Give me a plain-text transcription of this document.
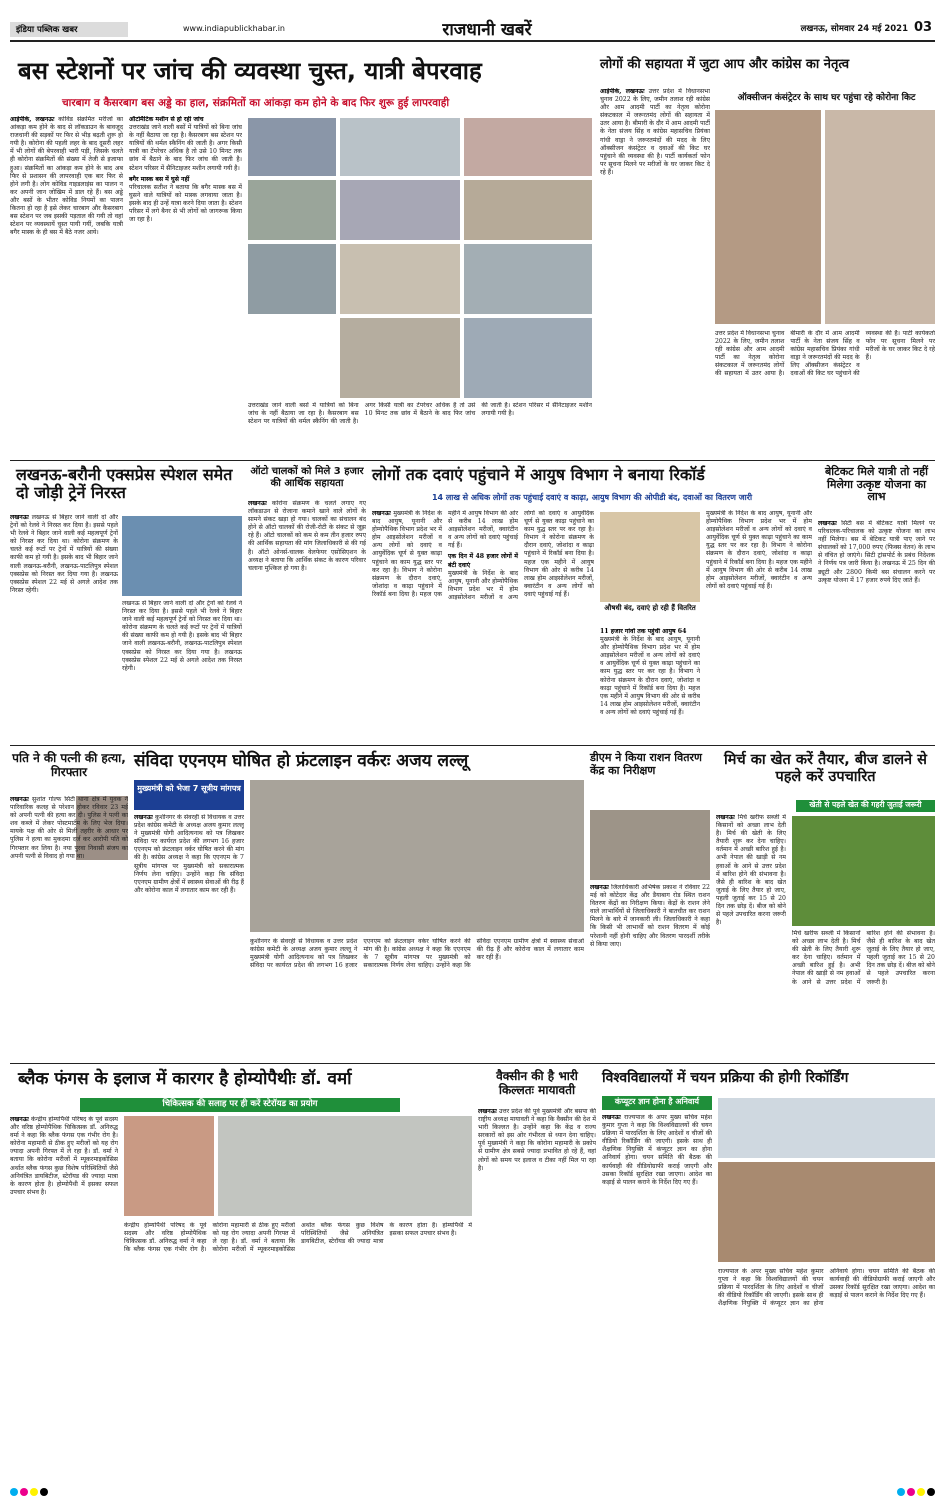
इंडिया पब्लिक खबर	www.indiapublickhabar.in	राजधानी खबरें	लखनऊ, सोमवार 24 मई 2021 03
बस स्टेशनों पर जांच की व्यवस्था चुस्त, यात्री बेपरवाह
चारबाग व कैसरबाग बस अड्डे का हाल, संक्रमितों का आंकड़ा कम होने के बाद फिर शुरू हुई लापरवाही
आईपीके, लखनऊः कोविड संक्रमित मरीजों का आंकड़ा कम होने के बाद से लॉकडाउन के बावजूद राजधानी की सड़कों पर फिर से भीड़ बढ़ती शुरू हो गयी है। कोरोना की पहली लहर के बाद दूसरी लहर में भी लोगों की बेपरवाही भारी पड़ी, जिसके चलते ही कोरोना संक्रमितों की संख्या में तेजी से इजाफा हुआ। संक्रमितों का आंकड़ा कम होने के बाद अब फिर से प्रशासन की लापरवाही एक बार फिर से होने लगी है। लोग कोविड गाइडलाइंस का पालन न कर अपनी जान जोखिम में डाल रहे हैं। बस अड्डे और बसों के भीतर कोविड नियमों का पालन कितना हो रहा है इसे लेकर चारबाग और कैसरबाग बस स्टेशन पर जब इसकी पड़ताल की गयी तो वहां स्टेशन पर व्यवस्थायें चुस्त पायी गयीं, जबकि यात्री बगैर मास्क के ही बस में बैठे नजर आये।
ऑटोमैटिक मशीन से हो रही जांच
उत्तराखंड जाने वाली बसों में यात्रियों को बिना जांच के नहीं बैठाया जा रहा है। कैसरबाग बस स्टेशन पर यात्रियों की थर्मल स्कैनिंग की जाती है। अगर किसी यात्री का टेंपरेचर अधिक है तो उसे 10 मिनट तक छांव में बैठाने के बाद फिर जांच की जाती है। स्टेशन परिसर में सैनिटाइजर मशीन लगायी गयी है।
बगैर मास्क बस में घुसे नहीं
परिचालक सतीश ने बताया कि बगैर मास्क बस में घुसने वाले यात्रियों को मास्क लगवाया जाता है। इसके बाद ही उन्हें यात्रा करने दिया जाता है। स्टेशन परिसर में लगे बैनर से भी लोगों को जागरूक किया जा रहा है।
उत्तराखंड जाने वाली बसों में यात्रियों को बिना जांच के नहीं बैठाया जा रहा है। कैसरबाग बस स्टेशन पर यात्रियों की थर्मल स्कैनिंग की जाती है। अगर किसी यात्री का टेंपरेचर अधिक है तो उसे 10 मिनट तक छांव में बैठाने के बाद फिर जांच की जाती है। स्टेशन परिसर में सैनिटाइजर मशीन लगायी गयी है।
लोगों की सहायता में जुटा आप और कांग्रेस का नेतृत्व
ऑक्सीजन कंसंट्रेटर के साथ घर पहुंचा रहे कोरोना किट
आईपीके, लखनऊः उत्तर प्रदेश में विधानसभा चुनाव 2022 के लिए, जमीन तलाश रही कांग्रेस और आम आदमी पार्टी का नेतृत्व कोरोना संकटकाल में जरूरतमंद लोगों की सहायता में उतर आया है। बीमारी के दौर में आम आदमी पार्टी के नेता संजय सिंह व कांग्रेस महासचिव प्रियंका गांधी वाड्रा ने जरूरतमंदों की मदद के लिए ऑक्सीजन कंसंट्रेटर व दवाओं की किट घर पहुंचाने की व्यवस्था की है। पार्टी कार्यकर्ता फोन पर सूचना मिलने पर मरीजों के घर जाकर किट दे रहे हैं।
उत्तर प्रदेश में विधानसभा चुनाव 2022 के लिए, जमीन तलाश रही कांग्रेस और आम आदमी पार्टी का नेतृत्व कोरोना संकटकाल में जरूरतमंद लोगों की सहायता में उतर आया है। बीमारी के दौर में आम आदमी पार्टी के नेता संजय सिंह व कांग्रेस महासचिव प्रियंका गांधी वाड्रा ने जरूरतमंदों की मदद के लिए ऑक्सीजन कंसंट्रेटर व दवाओं की किट घर पहुंचाने की व्यवस्था की है। पार्टी कार्यकर्ता फोन पर सूचना मिलने पर मरीजों के घर जाकर किट दे रहे हैं।
लखनऊ-बरौनी एक्सप्रेस स्पेशल समेत दो जोड़ी ट्रेनें निरस्त
लखनऊः लखनऊ से बिहार जाने वाली दो और ट्रेनों को रेलवे ने निरस्त कर दिया है। इससे पहले भी रेलवे ने बिहार जाने वाली कई महत्वपूर्ण ट्रेनों को निरस्त कर दिया था। कोरोना संक्रमण के चलते कई रूटों पर ट्रेनों में यात्रियों की संख्या काफी कम हो गयी है। इसके बाद भी बिहार जाने वाली लखनऊ-बरौनी, लखनऊ-पाटलिपुत्र स्पेशल एक्सप्रेस को निरस्त कर दिया गया है। लखनऊ एक्सप्रेस स्पेशल 22 मई से अगले आदेश तक निरस्त रहेगी।
लखनऊ से बिहार जाने वाली दो और ट्रेनों को रेलवे ने निरस्त कर दिया है। इससे पहले भी रेलवे ने बिहार जाने वाली कई महत्वपूर्ण ट्रेनों को निरस्त कर दिया था। कोरोना संक्रमण के चलते कई रूटों पर ट्रेनों में यात्रियों की संख्या काफी कम हो गयी है। इसके बाद भी बिहार जाने वाली लखनऊ-बरौनी, लखनऊ-पाटलिपुत्र स्पेशल एक्सप्रेस को निरस्त कर दिया गया है। लखनऊ एक्सप्रेस स्पेशल 22 मई से अगले आदेश तक निरस्त रहेगी।
ऑटो चालकों को मिले 3 हजार की आर्थिक सहायता
लखनऊः कोरोना संक्रमण के चलते लगाए गए लॉकडाउन से रोजाना कमाने खाने वाले लोगों के सामने संकट खड़ा हो गया। चालकों का संचालन बंद होने से ऑटो चालकों की रोजी-रोटी के संकट से जूझ रहे हैं। ऑटो चालकों को कम से कम तीन हजार रुपए की आर्थिक सहायता की मांग जिलाधिकारी से की गई है। ऑटो ओनर्स-चालक वेलफेयर एसोसिएशन के अध्यक्ष ने बताया कि आर्थिक संकट के कारण परिवार चलाना मुश्किल हो गया है।
लोगों तक दवाएं पहुंचाने में आयुष विभाग ने बनाया रिकॉर्ड
14 लाख से अधिक लोगों तक पहुंचाई दवाएं व काढ़ा, आयुष विभाग की ओपीडी बंद, दवाओं का वितरण जारी
लखनऊः मुख्यमंत्री के निर्देश के बाद आयुष, यूनानी और होम्योपैथिक विभाग प्रदेश भर में होम आइसोलेशन मरीजों व अन्य लोगों को दवाएं व आयुर्वेदिक चूर्ण से युक्त काढ़ा पहुंचाने का काम युद्ध स्तर पर कर रहा है। विभाग ने कोरोना संक्रमण के दौरान दवाएं, जोशांदा व काढ़ा पहुंचाने में रिकॉर्ड बना दिया है। महज एक महीने में आयुष विभाग की ओर से करीब 14 लाख होम आइसोलेशन मरीजों, क्वारंटीन व अन्य लोगों को दवाएं पहुंचाई गई हैं।
एक दिन में 48 हजार लोगों में बंटी दवाएं
मुख्यमंत्री के निर्देश के बाद आयुष, यूनानी और होम्योपैथिक विभाग प्रदेश भर में होम आइसोलेशन मरीजों व अन्य लोगों को दवाएं व आयुर्वेदिक चूर्ण से युक्त काढ़ा पहुंचाने का काम युद्ध स्तर पर कर रहा है। विभाग ने कोरोना संक्रमण के दौरान दवाएं, जोशांदा व काढ़ा पहुंचाने में रिकॉर्ड बना दिया है। महज एक महीने में आयुष विभाग की ओर से करीब 14 लाख होम आइसोलेशन मरीजों, क्वारंटीन व अन्य लोगों को दवाएं पहुंचाई गई हैं।
औषधी बंद, दवाएं हो रही हैं वितरित
11 हजार गांवों तक पहुंची आयुष 64
मुख्यमंत्री के निर्देश के बाद आयुष, यूनानी और होम्योपैथिक विभाग प्रदेश भर में होम आइसोलेशन मरीजों व अन्य लोगों को दवाएं व आयुर्वेदिक चूर्ण से युक्त काढ़ा पहुंचाने का काम युद्ध स्तर पर कर रहा है। विभाग ने कोरोना संक्रमण के दौरान दवाएं, जोशांदा व काढ़ा पहुंचाने में रिकॉर्ड बना दिया है। महज एक महीने में आयुष विभाग की ओर से करीब 14 लाख होम आइसोलेशन मरीजों, क्वारंटीन व अन्य लोगों को दवाएं पहुंचाई गई हैं।
मुख्यमंत्री के निर्देश के बाद आयुष, यूनानी और होम्योपैथिक विभाग प्रदेश भर में होम आइसोलेशन मरीजों व अन्य लोगों को दवाएं व आयुर्वेदिक चूर्ण से युक्त काढ़ा पहुंचाने का काम युद्ध स्तर पर कर रहा है। विभाग ने कोरोना संक्रमण के दौरान दवाएं, जोशांदा व काढ़ा पहुंचाने में रिकॉर्ड बना दिया है। महज एक महीने में आयुष विभाग की ओर से करीब 14 लाख होम आइसोलेशन मरीजों, क्वारंटीन व अन्य लोगों को दवाएं पहुंचाई गई हैं।
बेटिकट मिले यात्री तो नहीं मिलेगा उत्कृष्ट योजना का लाभ
लखनऊः सिटी बस में बेटिकट यात्री मिलने पर परिचालक-परिचालक को उत्कृष्ट योजना का लाभ नहीं मिलेगा। बस में बेटिकट यात्री पाए जाने पर संचालकों को 17,000 रुपए (फिक्स वेतन) के लाभ से वंचित हो जाएंगे। सिटी ट्रांसपोर्ट के प्रबंध निदेशक ने निर्णय पत्र जारी किया है। लखनऊ में 25 दिन की ड्यूटी और 2800 किमी बस संचालन करने पर उत्कृष्ट योजना में 17 हजार रुपये दिए जाते हैं।
पति ने की पत्नी की हत्या, गिरफ्तार
लखनऊः सुशांत गोल्फ सिटी थाना क्षेत्र में युवक ने पारिवारिक कलह से परेशान होकर रविवार 23 मई को अपनी पत्नी की हत्या कर दी। पुलिस ने पत्नी का शव कब्जे में लेकर पोस्टमार्टम के लिए भेज दिया। मायके पक्ष की ओर से मिली तहरीर के आधार पर पुलिस ने हत्या का मुकदमा दर्ज कर आरोपी पति को गिरफ्तार कर लिया है। नया पुरवा निवासी संजय का अपनी पत्नी से विवाद हो गया था।
संविदा एएनएम घोषित हो फ्रंटलाइन वर्करः अजय लल्लू
मुख्यमंत्री को भेजा 7 सूत्रीय मांगपत्र
लखनऊः कुशीनगर के सेवरही से विधायक व उत्तर प्रदेश कांग्रेस कमेटी के अध्यक्ष अजय कुमार लल्लू ने मुख्यमंत्री योगी आदित्यनाथ को पत्र लिखकर संविदा पर कार्यरत प्रदेश की लगभग 16 हजार एएनएम को फ्रंटलाइन वर्कर घोषित करने की मांग की है। कांग्रेस अध्यक्ष ने कहा कि एएनएम के 7 सूत्रीय मांगपत्र पर मुख्यमंत्री को सकारात्मक निर्णय लेना चाहिए। उन्होंने कहा कि संविदा एएनएम ग्रामीण क्षेत्रों में स्वास्थ्य सेवाओं की रीढ़ हैं और कोरोना काल में लगातार काम कर रही हैं।
कुशीनगर के सेवरही से विधायक व उत्तर प्रदेश कांग्रेस कमेटी के अध्यक्ष अजय कुमार लल्लू ने मुख्यमंत्री योगी आदित्यनाथ को पत्र लिखकर संविदा पर कार्यरत प्रदेश की लगभग 16 हजार एएनएम को फ्रंटलाइन वर्कर घोषित करने की मांग की है। कांग्रेस अध्यक्ष ने कहा कि एएनएम के 7 सूत्रीय मांगपत्र पर मुख्यमंत्री को सकारात्मक निर्णय लेना चाहिए। उन्होंने कहा कि संविदा एएनएम ग्रामीण क्षेत्रों में स्वास्थ्य सेवाओं की रीढ़ हैं और कोरोना काल में लगातार काम कर रही हैं।
डीएम ने किया राशन वितरण केंद्र का निरीक्षण
लखनऊः जिलाधिकारी अभिषेक प्रकाश ने रविवार 22 मई को कोटेदार केंद्र और डैयाबाग रोड स्थित राशन वितरण केंद्रों का निरीक्षण किया। केंद्रों के राशन लेने वाले लाभार्थियों से जिलाधिकारी ने बातचीत कर राशन मिलने के बारे में जानकारी ली। जिलाधिकारी ने कहा कि किसी भी लाभार्थी को राशन वितरण में कोई परेशानी नहीं होनी चाहिए और वितरण पारदर्शी तरीके से किया जाए।
मिर्च का खेत करें तैयार, बीज डालने से पहले करें उपचारित
खेती से पहले खेत की गहरी जुताई जरूरी
लखनऊः मिर्च खरीफ सब्जी में किसानों को अच्छा लाभ देती है। मिर्च की खेती के लिए तैयारी शुरू कर देना चाहिए। वर्तमान में अच्छी बारिश हुई है। अभी नेपाल की खाड़ी से नम हवाओं के आने से उत्तर प्रदेश में बारिश होने की संभावना है। जैसे ही बारिश के बाद खेत जुताई के लिए तैयार हो जाए, पहली जुताई कर 15 से 20 दिन तक छोड़ दें। बीज को बोने से पहले उपचारित करना जरूरी है।
मिर्च खरीफ सब्जी में किसानों को अच्छा लाभ देती है। मिर्च की खेती के लिए तैयारी शुरू कर देना चाहिए। वर्तमान में अच्छी बारिश हुई है। अभी नेपाल की खाड़ी से नम हवाओं के आने से उत्तर प्रदेश में बारिश होने की संभावना है। जैसे ही बारिश के बाद खेत जुताई के लिए तैयार हो जाए, पहली जुताई कर 15 से 20 दिन तक छोड़ दें। बीज को बोने से पहले उपचारित करना जरूरी है।
ब्लैक फंगस के इलाज में कारगर है होम्योपैथीः डॉ. वर्मा
चिकित्सक की सलाह पर ही करें स्टेरॉयड का प्रयोग
लखनऊः केन्द्रीय होम्योपैथी परिषद के पूर्व सदस्य और वरिष्ठ होम्योपैथिक चिकित्सक डॉ. अनिरुद्ध वर्मा ने कहा कि ब्लैक फंगस एक गंभीर रोग है। कोरोना महामारी से ठीक हुए मरीजों को यह रोग ज्यादा अपनी गिरफ्त में ले रहा है। डॉ. वर्मा ने बताया कि कोरोना मरीजों में म्यूकरमाइकोसिस अर्थात ब्लैक फंगस कुछ विशेष परिस्थितियों जैसे अनियंत्रित डायबिटीज, स्टेरॉयड की ज्यादा मात्रा के कारण होता है। होम्योपैथी में इसका सफल उपचार संभव है।
केन्द्रीय होम्योपैथी परिषद के पूर्व सदस्य और वरिष्ठ होम्योपैथिक चिकित्सक डॉ. अनिरुद्ध वर्मा ने कहा कि ब्लैक फंगस एक गंभीर रोग है। कोरोना महामारी से ठीक हुए मरीजों को यह रोग ज्यादा अपनी गिरफ्त में ले रहा है। डॉ. वर्मा ने बताया कि कोरोना मरीजों में म्यूकरमाइकोसिस अर्थात ब्लैक फंगस कुछ विशेष परिस्थितियों जैसे अनियंत्रित डायबिटीज, स्टेरॉयड की ज्यादा मात्रा के कारण होता है। होम्योपैथी में इसका सफल उपचार संभव है।
वैक्सीन की है भारी किल्लतः मायावती
लखनऊः उत्तर प्रदेश की पूर्व मुख्यमंत्री और बसपा की राष्ट्रीय अध्यक्ष मायावती ने कहा कि वैक्सीन की देश में भारी किल्लत है। उन्होंने कहा कि केंद्र व राज्य सरकारों को इस ओर गंभीरता से ध्यान देना चाहिए। पूर्व मुख्यमंत्री ने कहा कि कोरोना महामारी के प्रकोप से ग्रामीण क्षेत्र सबसे ज्यादा प्रभावित हो रहे हैं, वहां लोगों को समय पर इलाज व टीका नहीं मिल पा रहा है।
विश्वविद्यालयों में चयन प्रक्रिया की होगी रिकॉर्डिंग
कंप्यूटर ज्ञान होना है अनिवार्य
लखनऊः राज्यपाल के अपर मुख्य सचिव महेश कुमार गुप्ता ने कहा कि विश्वविद्यालयों की चयन प्रक्रिया में पारदर्शिता के लिए आदेशों व चीजों की वीडियो रिकॉर्डिंग की जाएगी। इसके साथ ही शैक्षणिक नियुक्ति में कंप्यूटर ज्ञान का होना अनिवार्य होगा। चयन समिति की बैठक की कार्यवाही की वीडियोग्राफी कराई जाएगी और उसका रिकॉर्ड सुरक्षित रखा जाएगा। आदेश का कड़ाई से पालन कराने के निर्देश दिए गए हैं।
राज्यपाल के अपर मुख्य सचिव महेश कुमार गुप्ता ने कहा कि विश्वविद्यालयों की चयन प्रक्रिया में पारदर्शिता के लिए आदेशों व चीजों की वीडियो रिकॉर्डिंग की जाएगी। इसके साथ ही शैक्षणिक नियुक्ति में कंप्यूटर ज्ञान का होना अनिवार्य होगा। चयन समिति की बैठक की कार्यवाही की वीडियोग्राफी कराई जाएगी और उसका रिकॉर्ड सुरक्षित रखा जाएगा। आदेश का कड़ाई से पालन कराने के निर्देश दिए गए हैं।
